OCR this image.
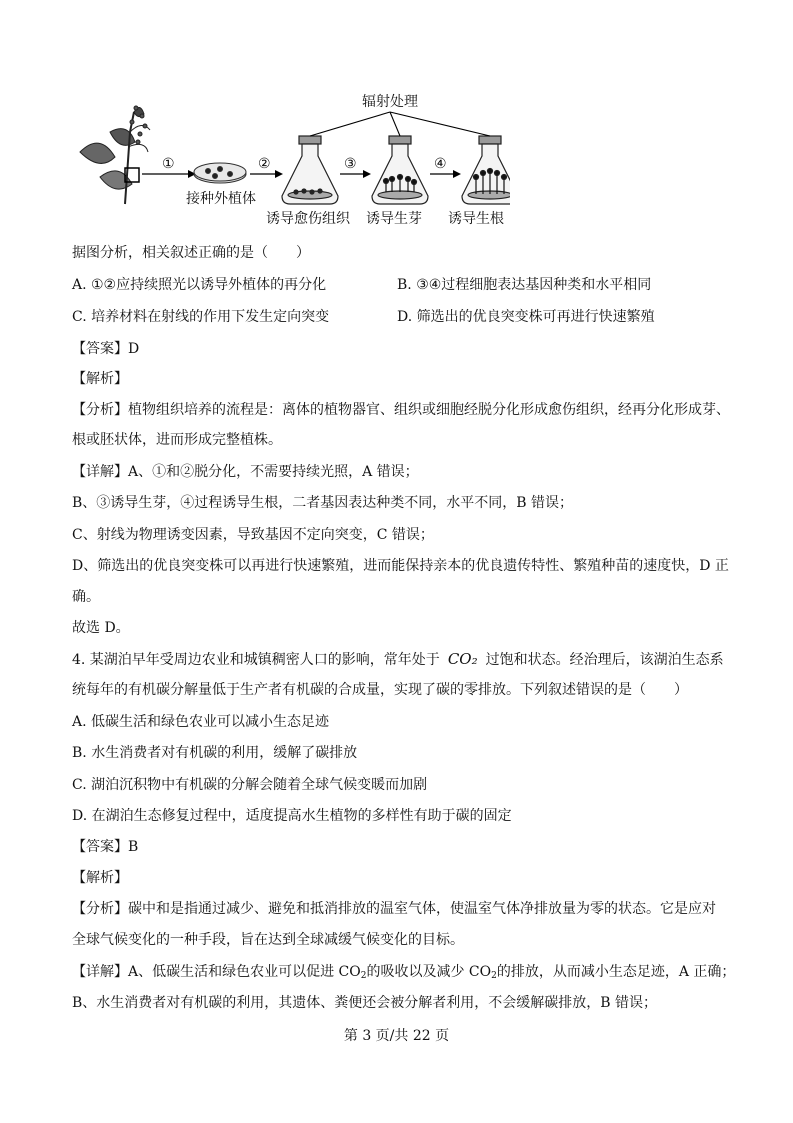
辐射处理
①	②	③	④
接种外植体
诱导愈伤组织 诱导生芽 诱导生根
据图分析，相关叙述正确的是（　　）
A. ①②应持续照光以诱导外植体的再分化	B. ③④过程细胞表达基因种类和水平相同
C. 培养材料在射线的作用下发生定向突变	D. 筛选出的优良突变株可再进行快速繁殖
【答案】D
【解析】
【分析】植物组织培养的流程是：离体的植物器官、组织或细胞经脱分化形成愈伤组织，经再分化形成芽、
根或胚状体，进而形成完整植株。
【详解】A、①和②脱分化，不需要持续光照，A 错误；
B、③诱导生芽，④过程诱导生根，二者基因表达种类不同，水平不同，B 错误；
C、射线为物理诱变因素，导致基因不定向突变，C 错误；
D、筛选出的优良突变株可以再进行快速繁殖，进而能保持亲本的优良遗传特性、繁殖种苗的速度快，D 正
确。
故选 D。
4. 某湖泊早年受周边农业和城镇稠密人口的影响，常年处于 CO₂ 过饱和状态。经治理后，该湖泊生态系
统每年的有机碳分解量低于生产者有机碳的合成量，实现了碳的零排放。下列叙述错误的是（　　）
A. 低碳生活和绿色农业可以减小生态足迹
B. 水生消费者对有机碳的利用，缓解了碳排放
C. 湖泊沉积物中有机碳的分解会随着全球气候变暖而加剧
D. 在湖泊生态修复过程中，适度提高水生植物的多样性有助于碳的固定
【答案】B
【解析】
【分析】碳中和是指通过减少、避免和抵消排放的温室气体，使温室气体净排放量为零的状态。它是应对
全球气候变化的一种手段，旨在达到全球减缓气候变化的目标。
【详解】A、低碳生活和绿色农业可以促进 $CO_2$的吸收以及减少 $CO_2$的排放，从而减小生态足迹，A 正确；
B、水生消费者对有机碳的利用，其遗体、粪便还会被分解者利用，不会缓解碳排放，B 错误；
第 3 页/共 22 页
